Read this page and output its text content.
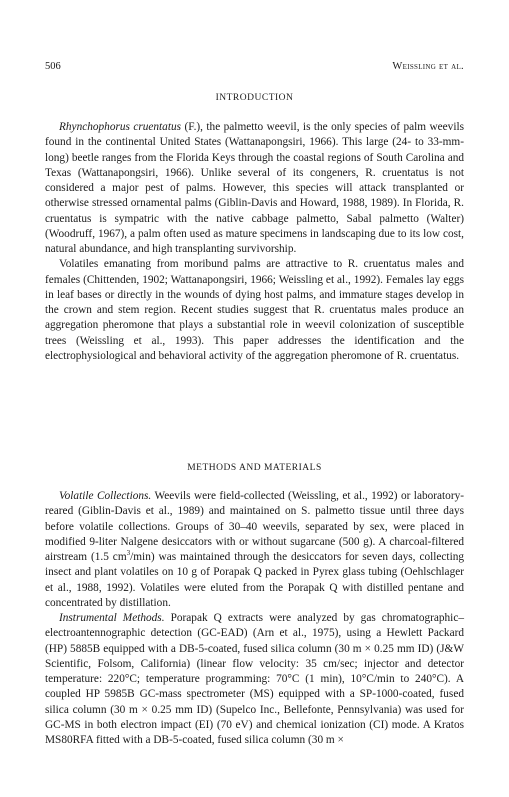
506	Weissling et al.
INTRODUCTION

Rhynchophorus cruentatus (F.), the palmetto weevil, is the only species of palm weevils found in the continental United States (Wattanapongsiri, 1966). This large (24- to 33-mm-long) beetle ranges from the Florida Keys through the coastal regions of South Carolina and Texas (Wattanapongsiri, 1966). Unlike several of its congeners, R. cruentatus is not considered a major pest of palms. However, this species will attack transplanted or otherwise stressed ornamental palms (Giblin-Davis and Howard, 1988, 1989). In Florida, R. cruentatus is sympatric with the native cabbage palmetto, Sabal palmetto (Walter) (Woodruff, 1967), a palm often used as mature specimens in landscaping due to its low cost, natural abundance, and high transplanting survivorship.

Volatiles emanating from moribund palms are attractive to R. cruentatus males and females (Chittenden, 1902; Wattanapongsiri, 1966; Weissling et al., 1992). Females lay eggs in leaf bases or directly in the wounds of dying host palms, and immature stages develop in the crown and stem region. Recent studies suggest that R. cruentatus males produce an aggregation pheromone that plays a substantial role in weevil colonization of susceptible trees (Weissling et al., 1993). This paper addresses the identification and the electrophysiological and behavioral activity of the aggregation pheromone of R. cruentatus.

METHODS AND MATERIALS

Volatile Collections. Weevils were field-collected (Weissling, et al., 1992) or laboratory-reared (Giblin-Davis et al., 1989) and maintained on S. palmetto tissue until three days before volatile collections. Groups of 30–40 weevils, separated by sex, were placed in modified 9-liter Nalgene desiccators with or without sugarcane (500 g). A charcoal-filtered airstream (1.5 $cm^3/\min$) was maintained through the desiccators for seven days, collecting insect and plant volatiles on 10 g of Porapak Q packed in Pyrex glass tubing (Oehlschlager et al., 1988, 1992). Volatiles were eluted from the Porapak Q with distilled pentane and concentrated by distillation.

Instrumental Methods. Porapak Q extracts were analyzed by gas chromatographic–electroantennographic detection (GC-EAD) (Arn et al., 1975), using a Hewlett Packard (HP) 5885B equipped with a DB-5-coated, fused silica column (30 m × 0.25 mm ID) (J&W Scientific, Folsom, California) (linear flow velocity: 35 cm/sec; injector and detector temperature: 220°C; temperature programming: 70°C (1 min), 10°C/min to 240°C). A coupled HP 5985B GC-mass spectrometer (MS) equipped with a SP-1000-coated, fused silica column (30 m × 0.25 mm ID) (Supelco Inc., Bellefonte, Pennsylvania) was used for GC-MS in both electron impact (EI) (70 eV) and chemical ionization (CI) mode. A Kratos MS80RFA fitted with a DB-5-coated, fused silica column (30 m ×
